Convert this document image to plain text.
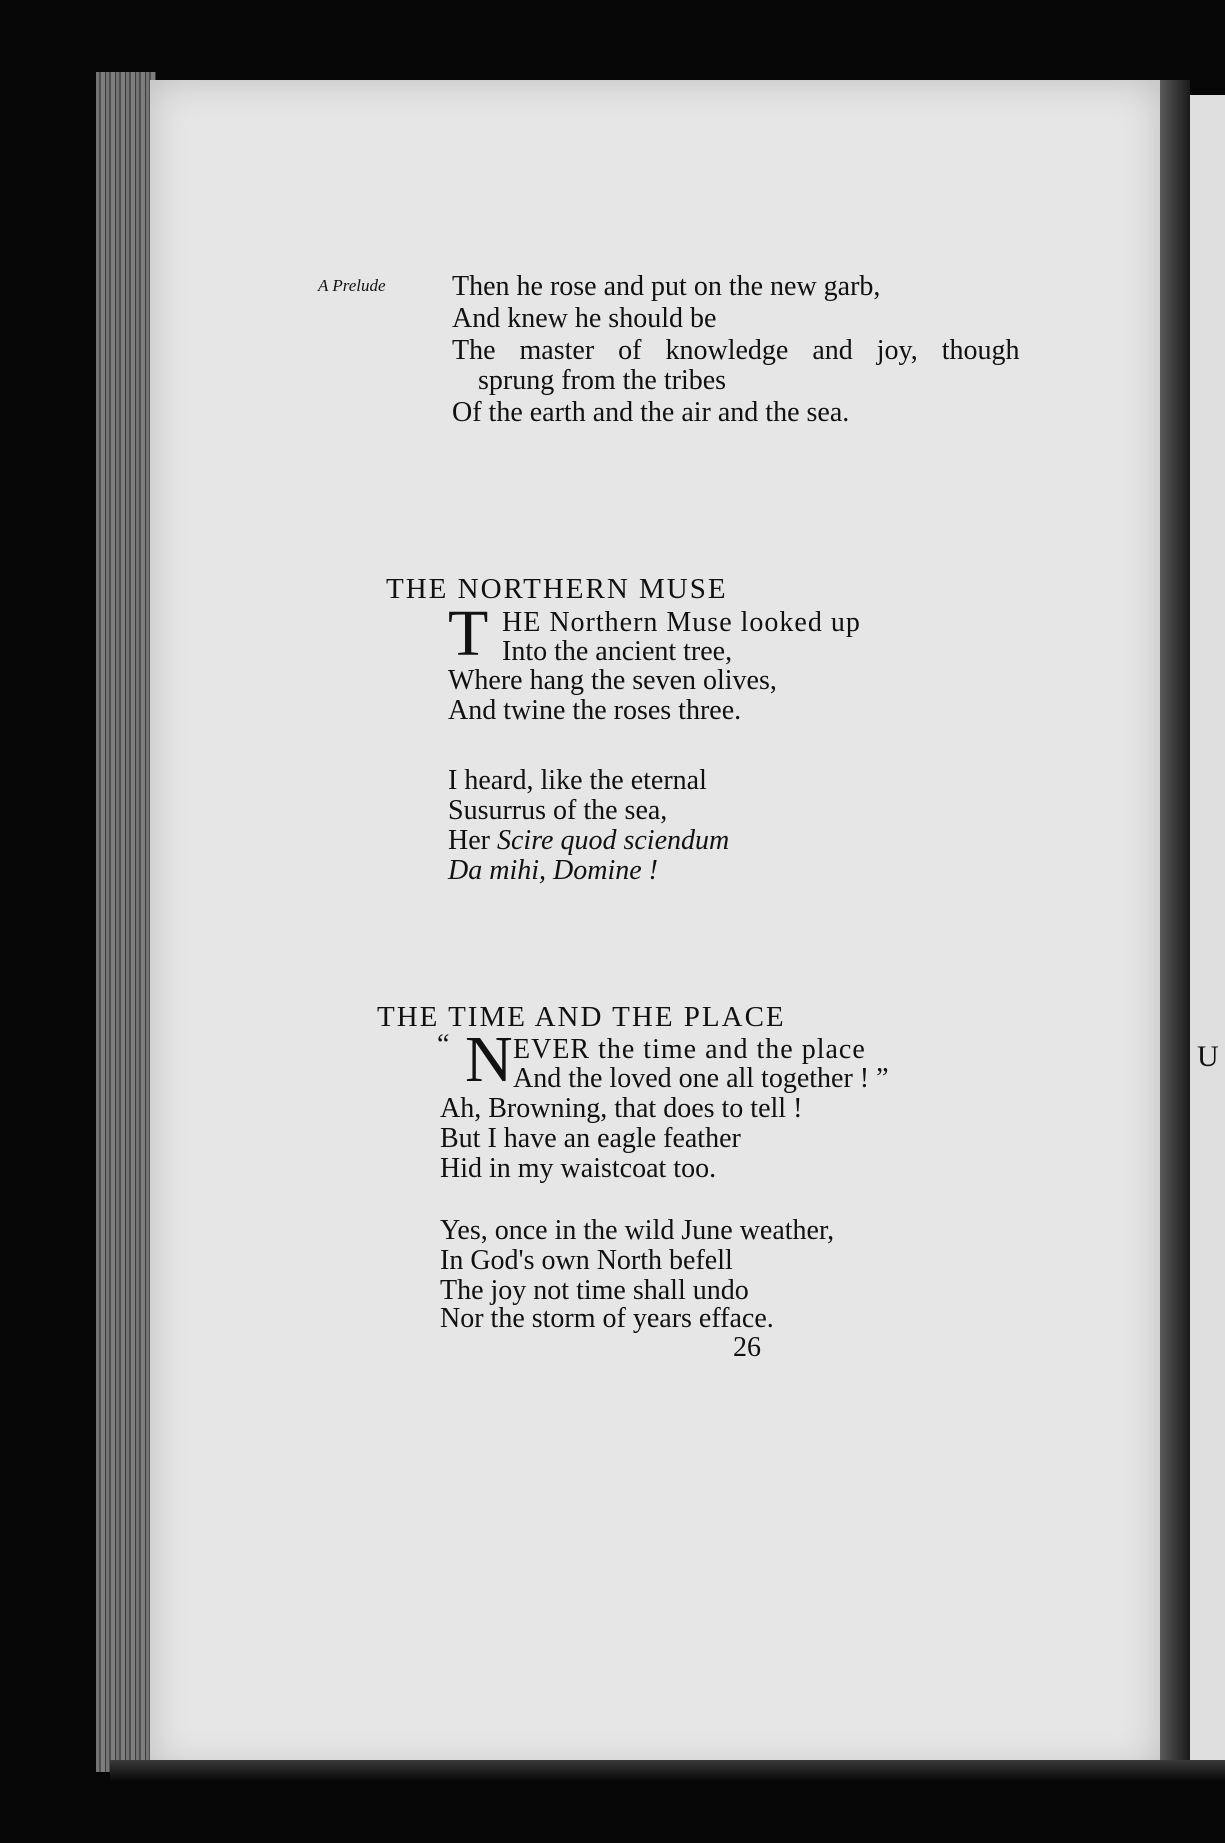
U
A Prelude Then he rose and put on the new garb,
And knew he should be
The master of knowledge and joy, though
sprung from the tribes
Of the earth and the air and the sea.
THE NORTHERN MUSE
T HE Northern Muse looked up
Into the ancient tree,
Where hang the seven olives,
And twine the roses three.
I heard, like the eternal
Susurrus of the sea,
Her Scire quod sciendum
Da mihi, Domine !
THE TIME AND THE PLACE
“ N EVER the time and the place
And the loved one all together ! ”
Ah, Browning, that does to tell !
But I have an eagle feather
Hid in my waistcoat too.
Yes, once in the wild June weather,
In God's own North befell
The joy not time shall undo
Nor the storm of years efface.
26
